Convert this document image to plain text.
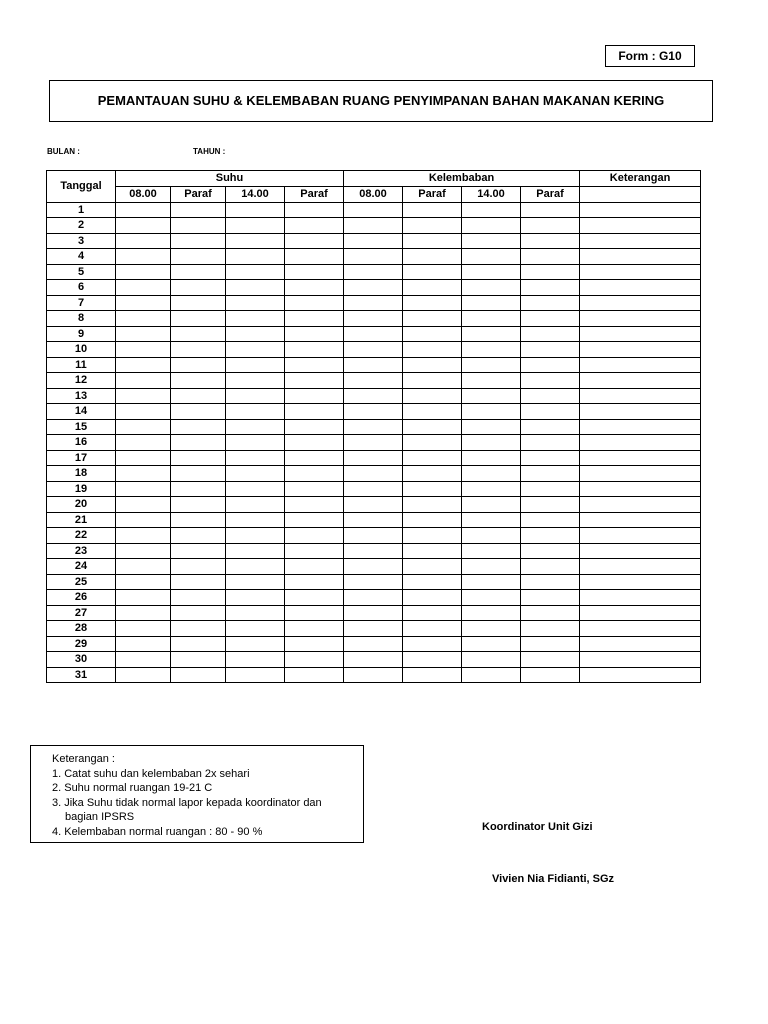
Form : G10
PEMANTAUAN SUHU & KELEMBABAN RUANG PENYIMPANAN BAHAN MAKANAN KERING
BULAN :	TAHUN :
Tanggal	Suhu				Kelembaban				Keterangan
	08.00	Paraf	14.00	Paraf	08.00	Paraf	14.00	Paraf	
1									
2									
3									
4									
5									
6									
7									
8									
9									
10									
11									
12									
13									
14									
15									
16									
17									
18									
19									
20									
21									
22									
23									
24									
25									
26									
27									
28									
29									
30									
31									
Keterangan :
1. Catat suhu dan kelembaban 2x sehari
2. Suhu normal ruangan 19-21 C
3. Jika Suhu tidak normal lapor kepada koordinator dan
bagian IPSRS
4. Kelembaban normal ruangan : 80 - 90 %	Koordinator Unit Gizi
Vivien Nia Fidianti, SGz
